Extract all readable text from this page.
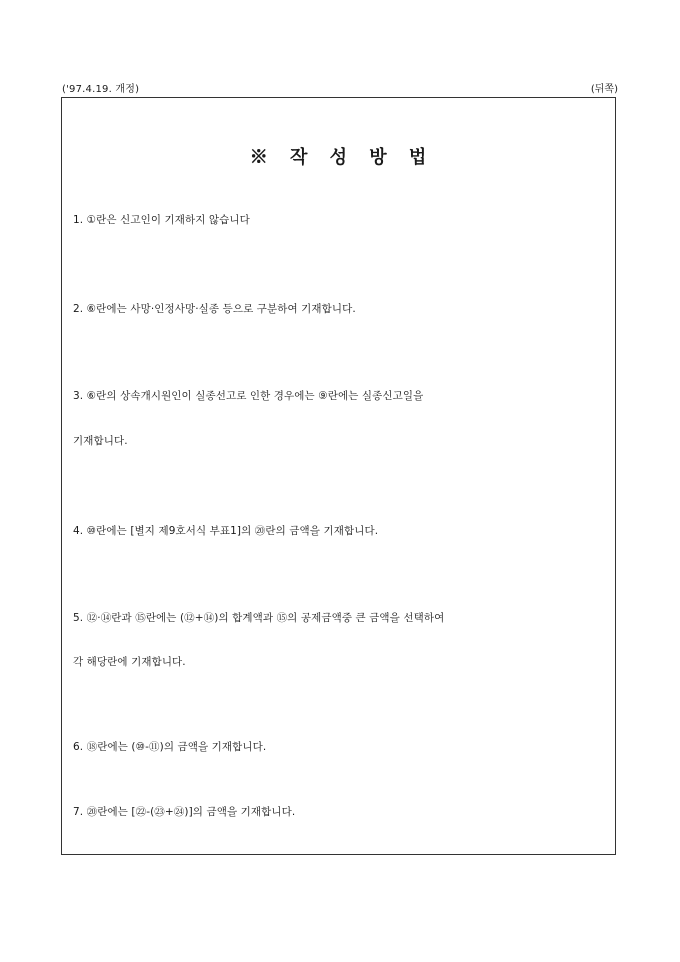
('97.4.19. 개정)	(뒤쪽)
※ 작 성 방 법
1. ①란은 신고인이 기재하지 않습니다
2. ⑥란에는 사망·인정사망·실종 등으로 구분하여 기재합니다.
3. ⑥란의 상속개시원인이 실종선고로 인한 경우에는 ⑨란에는 실종신고일을
기재합니다.
4. ⑩란에는 [별지 제9호서식 부표1]의 ⑳란의 금액을 기재합니다.
5. ⑫·⑭란과 ⑮란에는 (⑫+⑭)의 합계액과 ⑮의 공제금액중 큰 금액을 선택하여
각 해당란에 기재합니다.
6. ⑱란에는 (⑩-⑪)의 금액을 기재합니다.
7. ⑳란에는 [㉒-(㉓+㉔)]의 금액을 기재합니다.
